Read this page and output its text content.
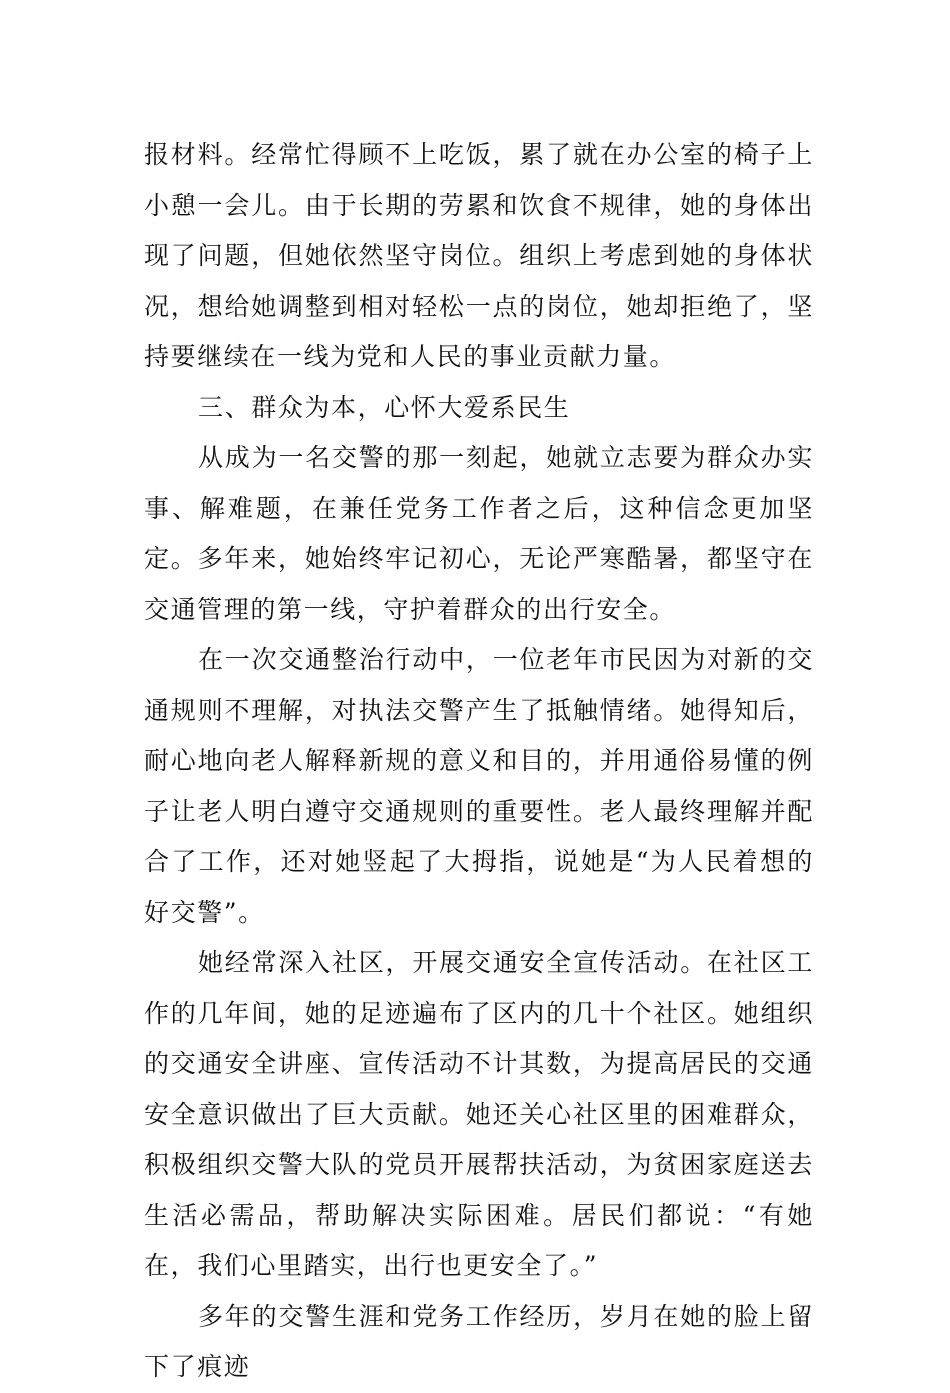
报材料。经常忙得顾不上吃饭，累了就在办公室的椅子上小憩一会儿。由于长期的劳累和饮食不规律，她的身体出现了问题，但她依然坚守岗位。组织上考虑到她的身体状况，想给她调整到相对轻松一点的岗位，她却拒绝了，坚持要继续在一线为党和人民的事业贡献力量。

三、群众为本，心怀大爱系民生

从成为一名交警的那一刻起，她就立志要为群众办实事、解难题，在兼任党务工作者之后，这种信念更加坚定。多年来，她始终牢记初心，无论严寒酷暑，都坚守在交通管理的第一线，守护着群众的出行安全。

在一次交通整治行动中，一位老年市民因为对新的交通规则不理解，对执法交警产生了抵触情绪。她得知后，耐心地向老人解释新规的意义和目的，并用通俗易懂的例子让老人明白遵守交通规则的重要性。老人最终理解并配合了工作，还对她竖起了大拇指，说她是“为人民着想的好交警”。

她经常深入社区，开展交通安全宣传活动。在社区工作的几年间，她的足迹遍布了区内的几十个社区。她组织的交通安全讲座、宣传活动不计其数，为提高居民的交通安全意识做出了巨大贡献。她还关心社区里的困难群众，积极组织交警大队的党员开展帮扶活动，为贫困家庭送去生活必需品，帮助解决实际困难。居民们都说：“有她在，我们心里踏实，出行也更安全了。”

多年的交警生涯和党务工作经历，岁月在她的脸上留下了痕迹
